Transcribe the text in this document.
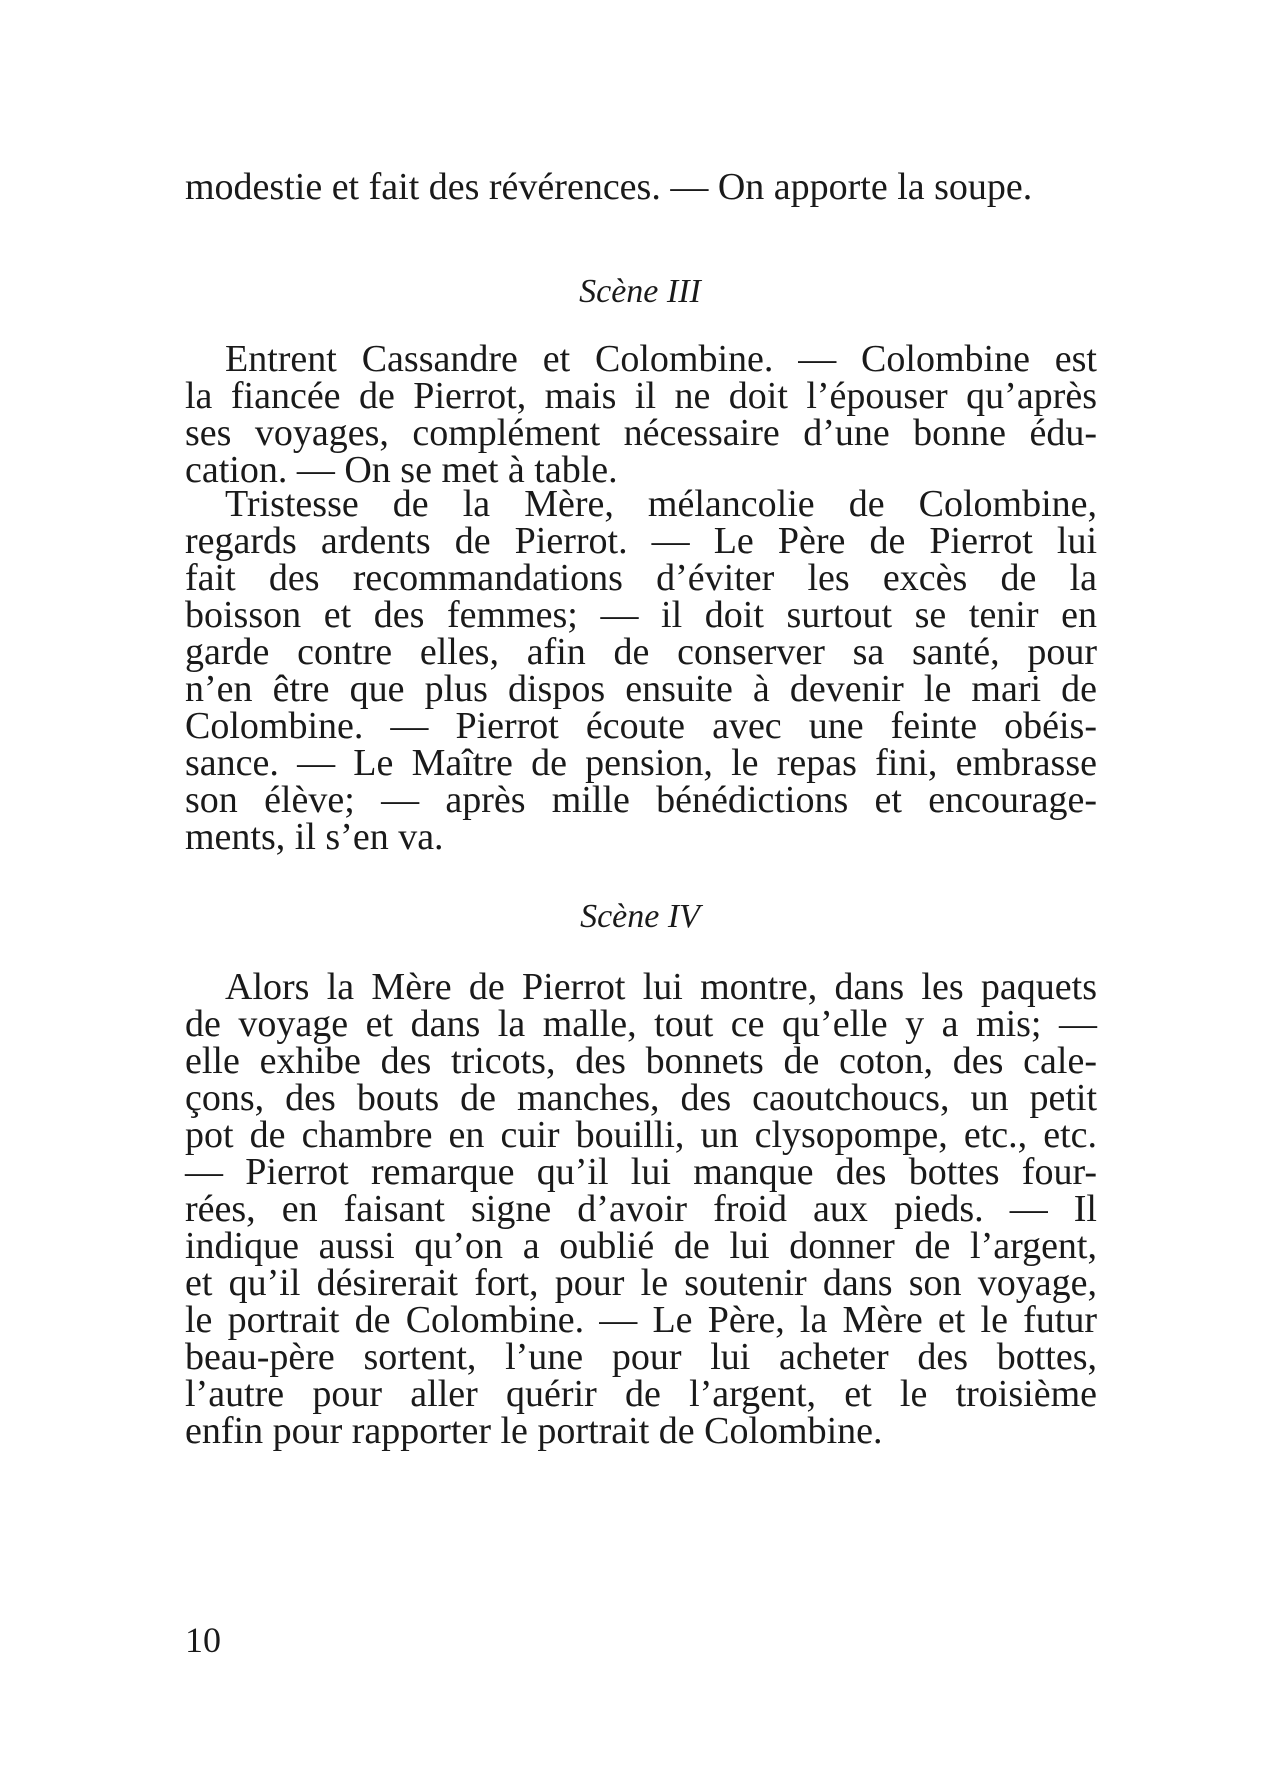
modestie et fait des révérences. — On apporte la soupe.
Scène III
Entrent Cassandre et Colombine. — Colombine est
la fiancée de Pierrot, mais il ne doit l’épouser qu’après
ses voyages, complément nécessaire d’une bonne édu-
cation. — On se met à table.
Tristesse de la Mère, mélancolie de Colombine,
regards ardents de Pierrot. — Le Père de Pierrot lui
fait des recommandations d’éviter les excès de la
boisson et des femmes; — il doit surtout se tenir en
garde contre elles, afin de conserver sa santé, pour
n’en être que plus dispos ensuite à devenir le mari de
Colombine. — Pierrot écoute avec une feinte obéis-
sance. — Le Maître de pension, le repas fini, embrasse
son élève; — après mille bénédictions et encourage-
ments, il s’en va.
Scène IV
Alors la Mère de Pierrot lui montre, dans les paquets
de voyage et dans la malle, tout ce qu’elle y a mis; —
elle exhibe des tricots, des bonnets de coton, des cale-
çons, des bouts de manches, des caoutchoucs, un petit
pot de chambre en cuir bouilli, un clysopompe, etc., etc.
— Pierrot remarque qu’il lui manque des bottes four-
rées, en faisant signe d’avoir froid aux pieds. — Il
indique aussi qu’on a oublié de lui donner de l’argent,
et qu’il désirerait fort, pour le soutenir dans son voyage,
le portrait de Colombine. — Le Père, la Mère et le futur
beau-père sortent, l’une pour lui acheter des bottes,
l’autre pour aller quérir de l’argent, et le troisième
enfin pour rapporter le portrait de Colombine.
10
